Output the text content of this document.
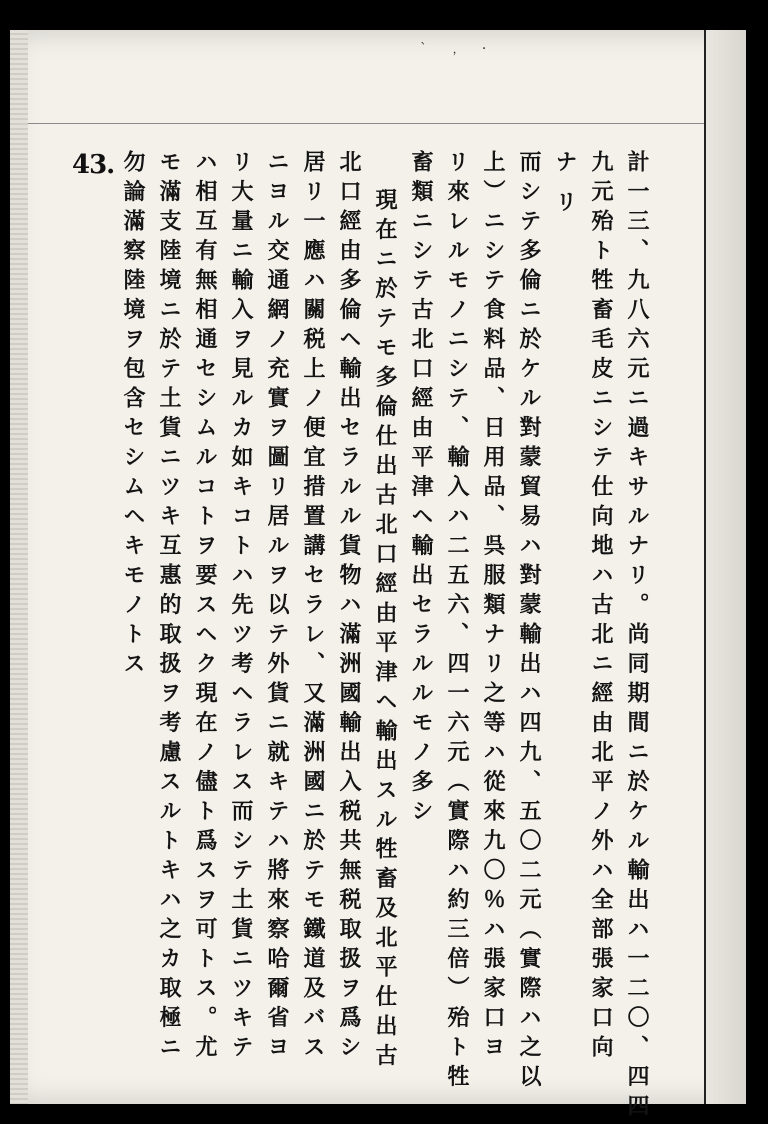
` ﹐ ·
43.	計一三、九八六元ニ過キサルナリ。尚同期間ニ於ケル輸出ハ一二〇、四四
九元殆ト牲畜毛皮ニシテ仕向地ハ古北ニ經由北平ノ外ハ全部張家口向
ナリ
而シテ多倫ニ於ケル對蒙貿易ハ對蒙輸出ハ四九、五〇二元（實際ハ之以
上）ニシテ食料品、日用品、呉服類ナリ之等ハ從來九〇％ハ張家口ヨ
リ來レルモノニシテ、輸入ハ二五六、四一六元（實際ハ約三倍）殆ト牲
畜類ニシテ古北口經由平津ヘ輸出セラルルモノ多シ
現在ニ於テモ多倫仕出古北口經由平津ヘ輸出スル牲畜及北平仕出古
北口經由多倫ヘ輸出セラルル貨物ハ滿洲國輸出入税共無税取扱ヲ爲シ
居リ一應ハ關税上ノ便宜措置講セラレ、又滿洲國ニ於テモ鐵道及バス
ニヨル交通網ノ充實ヲ圖リ居ルヲ以テ外貨ニ就キテハ將來察哈爾省ヨ
リ大量ニ輸入ヲ見ルカ如キコトハ先ツ考ヘラレス而シテ土貨ニツキテ
ハ相互有無相通セシムルコトヲ要スヘク現在ノ儘ト爲スヲ可トス。尤
モ滿支陸境ニ於テ土貨ニツキ互惠的取扱ヲ考慮スルトキハ之カ取極ニ
勿論滿察陸境ヲ包含セシムヘキモノトス
